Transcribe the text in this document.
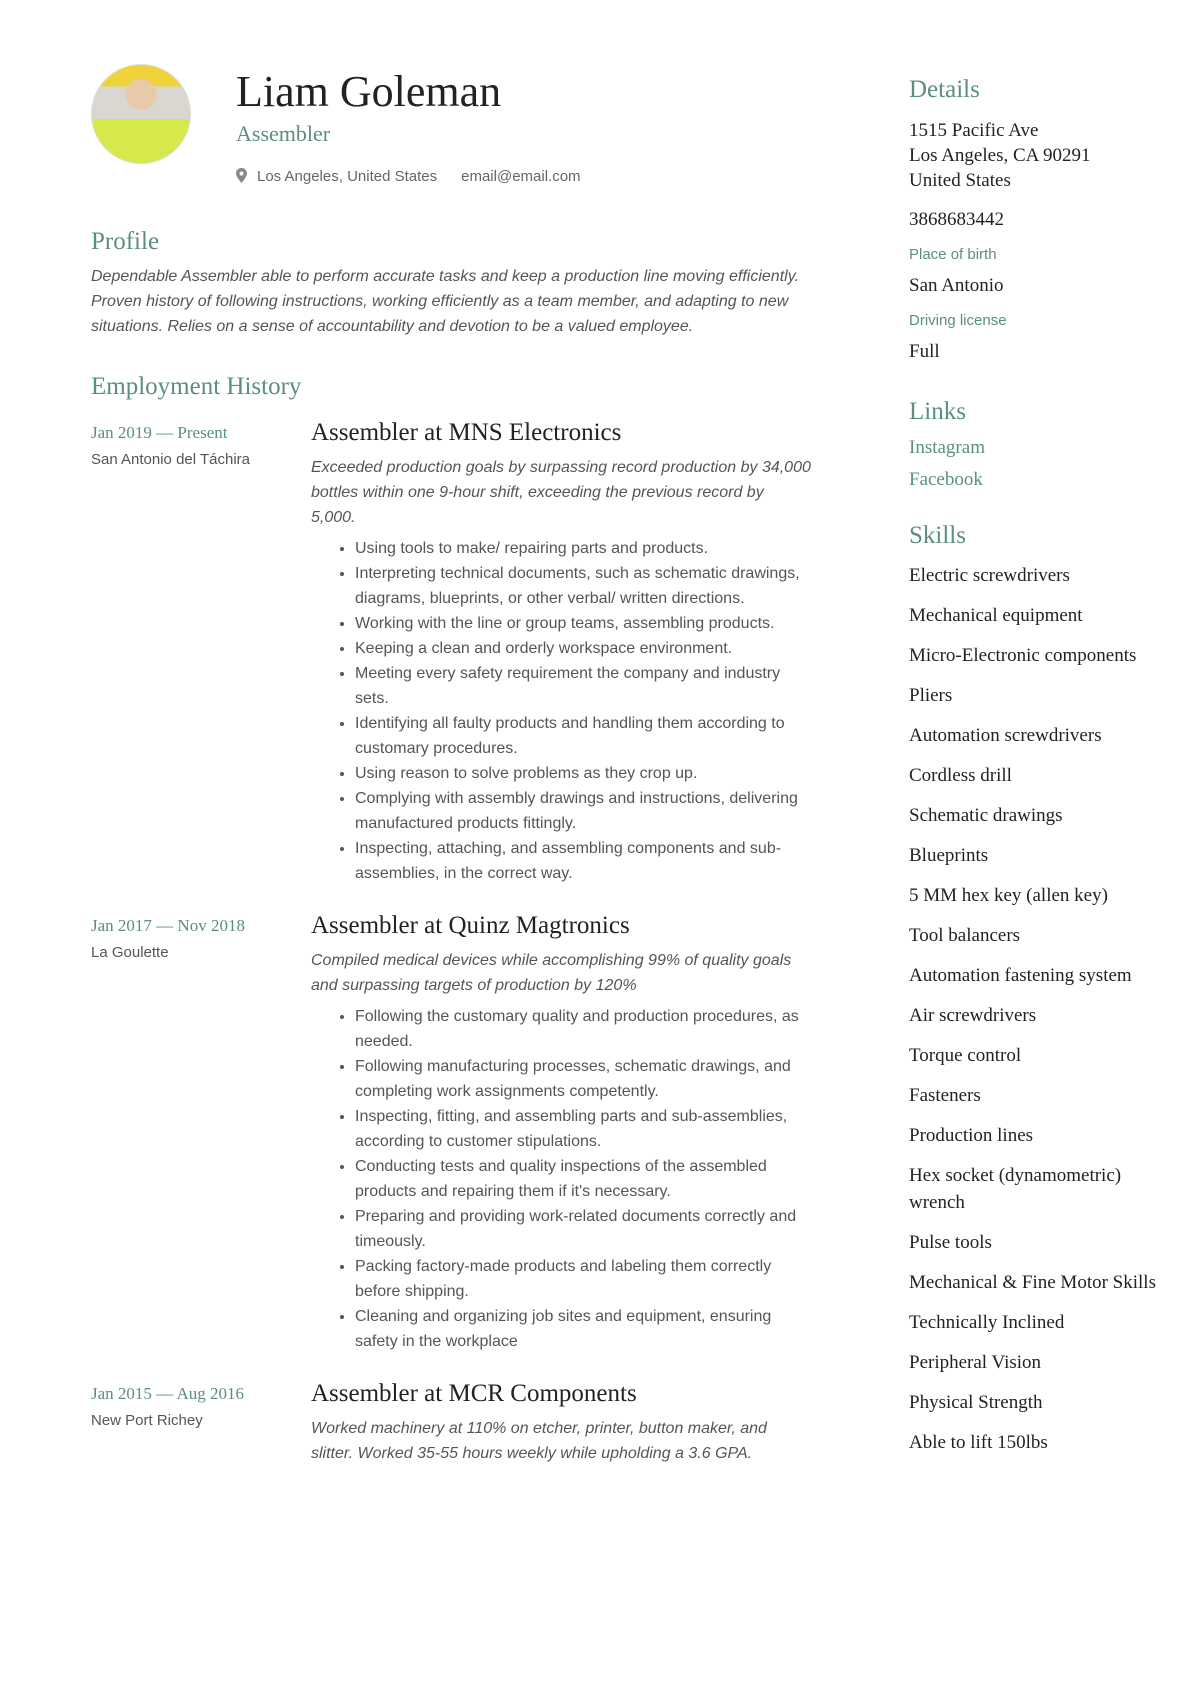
Liam Goleman
Assembler
Los Angeles, United States email@email.com
Profile

Dependable Assembler able to perform accurate tasks and keep a production line moving efficiently. Proven history of following instructions, working efficiently as a team member, and adapting to new situations. Relies on a sense of accountability and devotion to be a valued employee.

Employment History
Jan 2019 — Present
San Antonio del Táchira
Assembler at MNS Electronics
Exceeded production goals by surpassing record production by 34,000 bottles within one 9-hour shift, exceeding the previous record by 5,000.
• Using tools to make/ repairing parts and products.
• Interpreting technical documents, such as schematic drawings, diagrams, blueprints, or other verbal/ written directions.
• Working with the line or group teams, assembling products.
• Keeping a clean and orderly workspace environment.
• Meeting every safety requirement the company and industry sets.
• Identifying all faulty products and handling them according to customary procedures.
• Using reason to solve problems as they crop up.
• Complying with assembly drawings and instructions, delivering manufactured products fittingly.
• Inspecting, attaching, and assembling components and sub-assemblies, in the correct way.
Jan 2017 — Nov 2018
La Goulette
Assembler at Quinz Magtronics
Compiled medical devices while accomplishing 99% of quality goals and surpassing targets of production by 120%
• Following the customary quality and production procedures, as needed.
• Following manufacturing processes, schematic drawings, and completing work assignments competently.
• Inspecting, fitting, and assembling parts and sub-assemblies, according to customer stipulations.
• Conducting tests and quality inspections of the assembled products and repairing them if it's necessary.
• Preparing and providing work-related documents correctly and timeously.
• Packing factory-made products and labeling them correctly before shipping.
• Cleaning and organizing job sites and equipment, ensuring safety in the workplace
Jan 2015 — Aug 2016
New Port Richey
Assembler at MCR Components
Worked machinery at 110% on etcher, printer, button maker, and slitter. Worked 35-55 hours weekly while upholding a 3.6 GPA.
Details
1515 Pacific Ave
Los Angeles, CA 90291
United States
3868683442
Place of birth
San Antonio
Driving license
Full
Links
Instagram
Facebook
Skills
Electric screwdrivers
Mechanical equipment
Micro-Electronic components
Pliers
Automation screwdrivers
Cordless drill
Schematic drawings
Blueprints
5 MM hex key (allen key)
Tool balancers
Automation fastening system
Air screwdrivers
Torque control
Fasteners
Production lines
Hex socket (dynamometric) wrench
Pulse tools
Mechanical & Fine Motor Skills
Technically Inclined
Peripheral Vision
Physical Strength
Able to lift 150lbs
